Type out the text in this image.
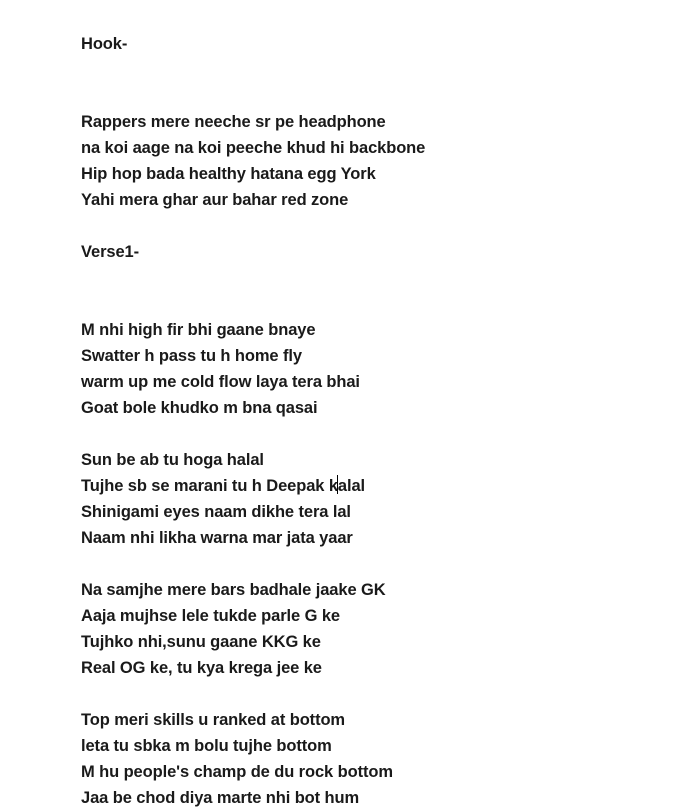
Hook-
Rappers mere neeche sr pe headphone
na koi aage na koi peeche khud hi backbone
Hip hop bada healthy hatana egg York
Yahi mera ghar aur bahar red zone
Verse1-
M nhi high fir bhi gaane bnaye
Swatter h pass tu h home fly
warm up me cold flow laya tera bhai
Goat bole khudko m bna qasai
Sun be ab tu hoga halal
Tujhe sb se marani tu h Deepak kalal
Shinigami eyes naam dikhe tera lal
Naam nhi likha warna mar jata yaar
Na samjhe mere bars badhale jaake GK
Aaja mujhse lele tukde parle G ke
Tujhko nhi,sunu gaane KKG ke
Real OG ke, tu kya krega jee ke
Top meri skills u ranked at bottom
leta tu sbka m bolu tujhe bottom
M hu people's champ de du rock bottom
Jaa be chod diya marte nhi bot hum
